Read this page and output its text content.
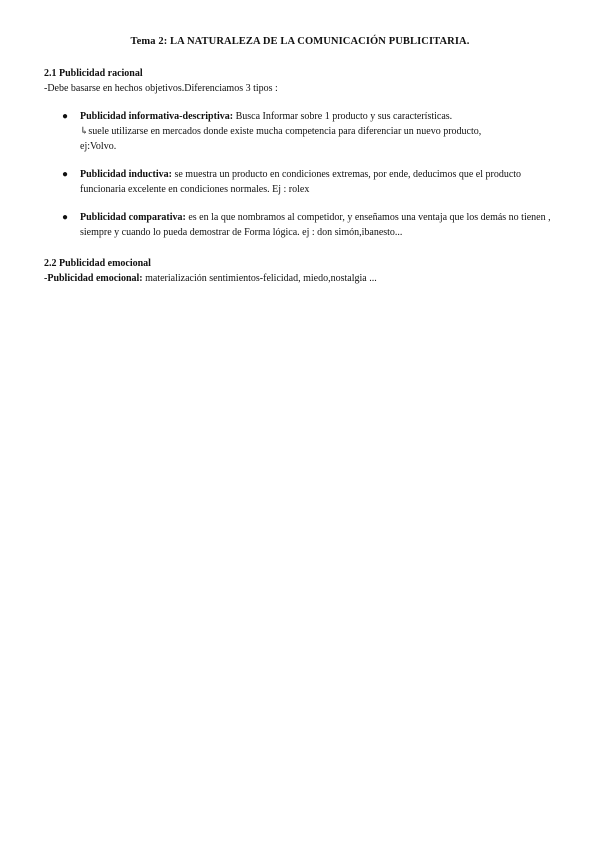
Tema 2: LA NATURALEZA DE LA COMUNICACIÓN PUBLICITARIA.
2.1 Publicidad racional
-Debe basarse en hechos objetivos.Diferenciamos 3 tipos :
● Publicidad informativa-descriptiva: Busca Informar sobre 1 producto y sus características.
↳suele utilizarse en mercados donde existe mucha competencia para diferenciar un nuevo producto,
ej:Volvo.
● Publicidad inductiva: se muestra un producto en condiciones extremas, por ende, deducimos que el producto funcionaria excelente en condiciones normales. Ej : rolex
● Publicidad comparativa: es en la que nombramos al competidor, y enseñamos una ventaja que los demás no tienen , siempre y cuando lo pueda demostrar de Forma lógica. ej : don simón,ibanesto...
2.2 Publicidad emocional
-Publicidad emocional: materialización sentimientos-felicidad, miedo,nostalgia ...
